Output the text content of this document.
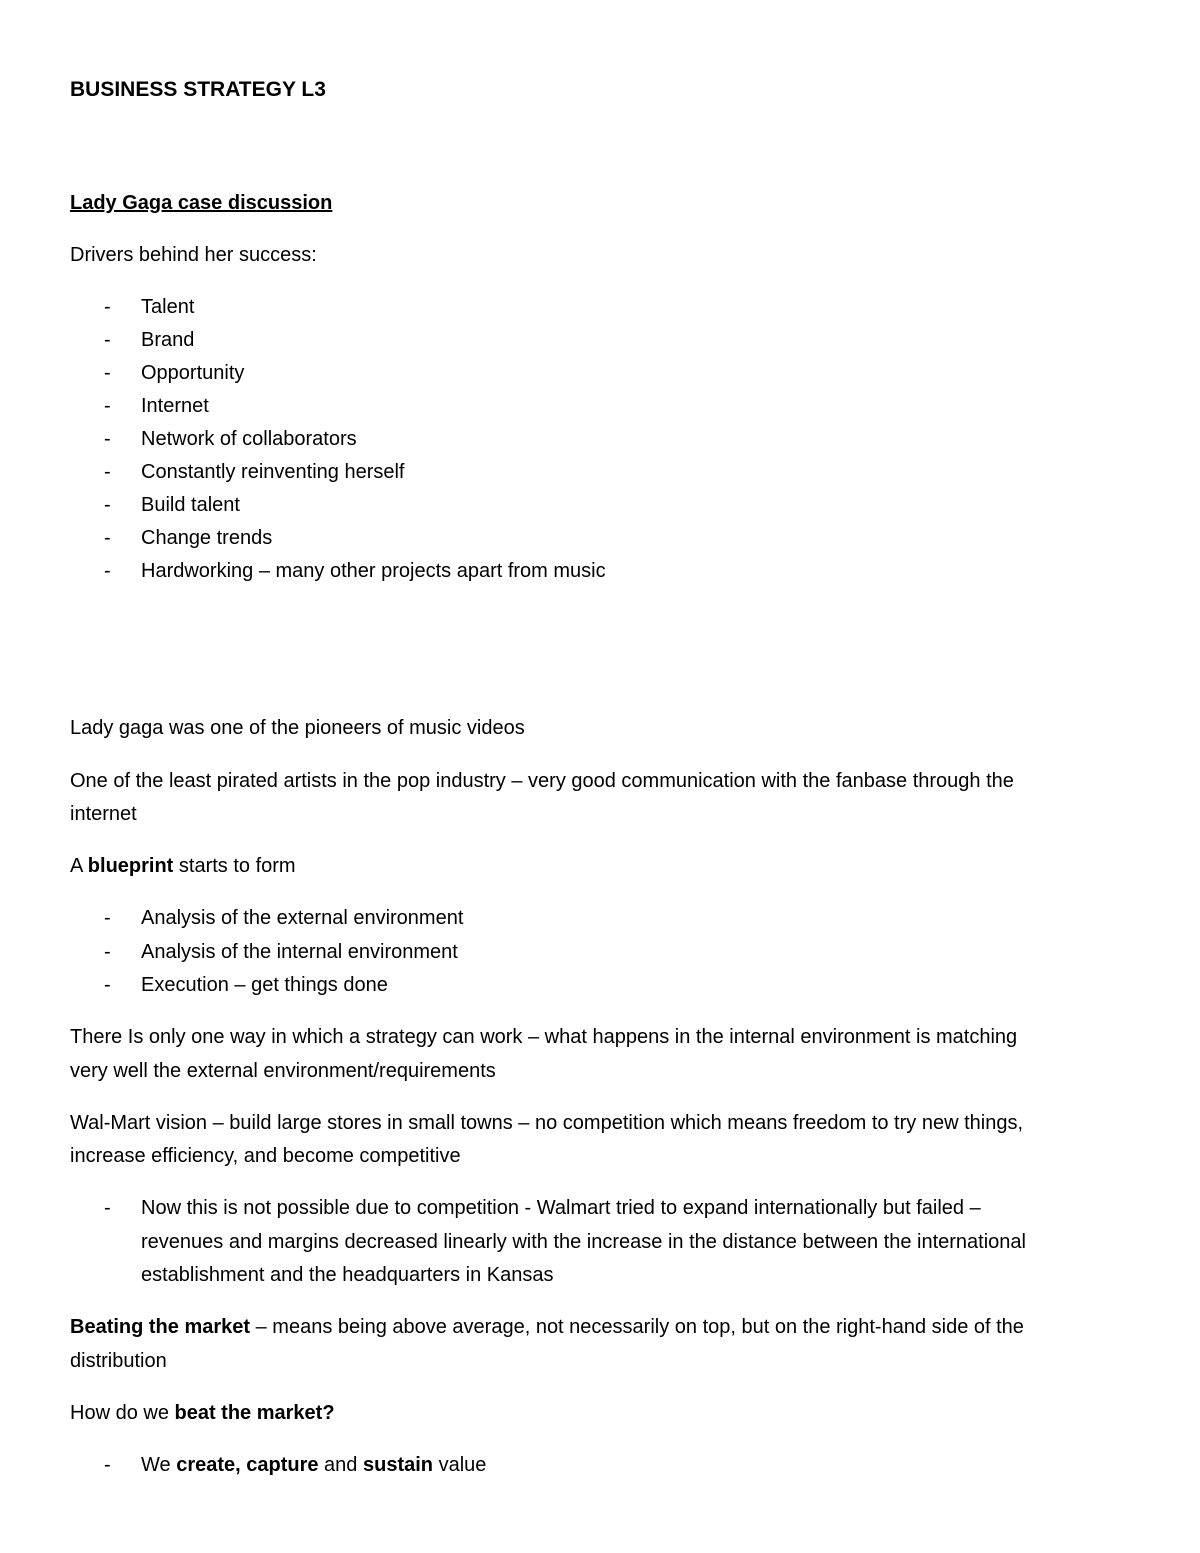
BUSINESS STRATEGY L3
Lady Gaga case discussion
Drivers behind her success:
- Talent
- Brand
- Opportunity
- Internet
- Network of collaborators
- Constantly reinventing herself
- Build talent
- Change trends
- Hardworking – many other projects apart from music
Lady gaga was one of the pioneers of music videos
One of the least pirated artists in the pop industry – very good communication with the fanbase through the
internet
A blueprint starts to form
- Analysis of the external environment
- Analysis of the internal environment
- Execution – get things done
There Is only one way in which a strategy can work – what happens in the internal environment is matching
very well the external environment/requirements
Wal-Mart vision – build large stores in small towns – no competition which means freedom to try new things,
increase efficiency, and become competitive
- Now this is not possible due to competition - Walmart tried to expand internationally but failed –
revenues and margins decreased linearly with the increase in the distance between the international
establishment and the headquarters in Kansas
Beating the market – means being above average, not necessarily on top, but on the right-hand side of the
distribution
How do we beat the market?
- We create, capture and sustain value
